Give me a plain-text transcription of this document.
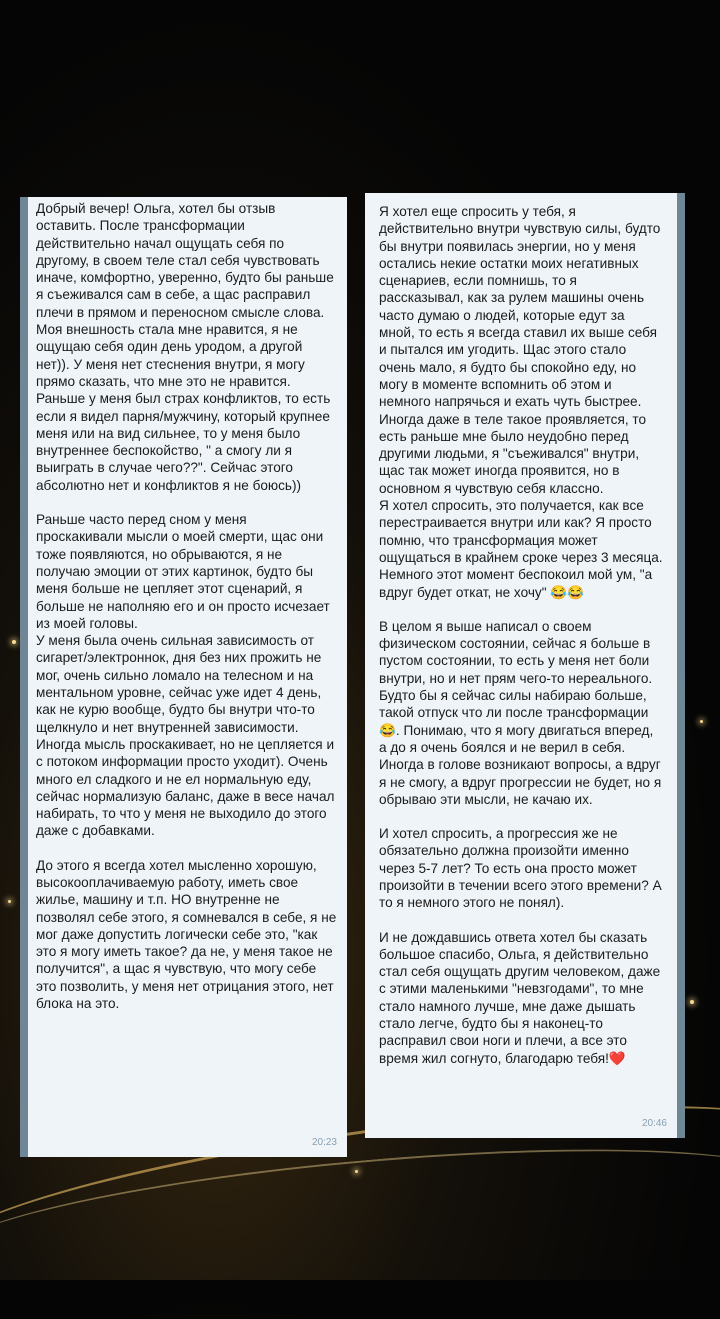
Добрый вечер! Ольга, хотел бы отзыв оставить. После трансформации действительно начал ощущать себя по другому, в своем теле стал себя чувствовать иначе, комфортно, уверенно, будто бы раньше я съеживался сам в себе, а щас расправил плечи в прямом и переносном смысле слова. Моя внешность стала мне нравится, я не ощущаю себя один день уродом, а другой нет)). У меня нет стеснения внутри, я могу прямо сказать, что мне это не нравится. Раньше у меня был страх конфликтов, то есть если я видел парня/мужчину, который крупнее меня или на вид сильнее, то у меня было внутреннее беспокойство, " а смогу ли я выиграть в случае чего??". Сейчас этого абсолютно нет и конфликтов я не боюсь))

Раньше часто перед сном у меня проскакивали мысли о моей смерти, щас они тоже появляются, но обрываются, я не получаю эмоции от этих картинок, будто бы меня больше не цепляет этот сценарий, я больше не наполняю его и он просто исчезает из моей головы.
У меня была очень сильная зависимость от сигарет/электроннок, дня без них прожить не мог, очень сильно ломало на телесном и на ментальном уровне, сейчас уже идет 4 день, как не курю вообще, будто бы внутри что-то щелкнуло и нет внутренней зависимости. Иногда мысль проскакивает, но не цепляется и с потоком информации просто уходит). Очень много ел сладкого и не ел нормальную еду, сейчас нормализую баланс, даже в весе начал набирать, то что у меня не выходило до этого даже с добавками.

До этого я всегда хотел мысленно хорошую, высокооплачиваемую работу, иметь свое жилье, машину и т.п. НО внутренне не позволял себе этого, я сомневался в себе, я не мог даже допустить логически себе это, "как это я могу иметь такое? да не, у меня такое не получится", а щас я чувствую, что могу себе это позволить, у меня нет отрицания этого, нет блока на это.

20:23

Я хотел еще спросить у тебя, я действительно внутри чувствую силы, будто бы внутри появилась энергии, но у меня остались некие остатки моих негативных сценариев, если помнишь, то я рассказывал, как за рулем машины очень часто думаю о людей, которые едут за мной, то есть я всегда ставил их выше себя и пытался им угодить. Щас этого стало очень мало, я будто бы спокойно еду, но могу в моменте вспомнить об этом и немного напрячься и ехать чуть быстрее. Иногда даже в теле такое проявляется, то есть раньше мне было неудобно перед другими людьми, я "съеживался" внутри, щас так может иногда проявится, но в основном я чувствую себя классно.
Я хотел спросить, это получается, как все перестраивается внутри или как? Я просто помню, что трансформация может ощущаться в крайнем сроке через 3 месяца. Немного этот момент беспокоил мой ум, "а вдруг будет откат, не хочу" 😂😂

В целом я выше написал о своем физическом состоянии, сейчас я больше в пустом состоянии, то есть у меня нет боли внутри, но и нет прям чего-то нереального. Будто бы я сейчас силы набираю больше, такой отпуск что ли после трансформации😂. Понимаю, что я могу двигаться вперед, а до я очень боялся и не верил в себя. Иногда в голове возникают вопросы, а вдруг я не смогу, а вдруг прогрессии не будет, но я обрываю эти мысли, не качаю их.

И хотел спросить, а прогрессия же не обязательно должна произойти именно через 5-7 лет? То есть она просто может произойти в течении всего этого времени? А то я немного этого не понял).

И не дождавшись ответа хотел бы сказать большое спасибо, Ольга, я действительно стал себя ощущать другим человеком, даже с этими маленькими "невзгодами", то мне стало намного лучше, мне даже дышать стало легче, будто бы я наконец-то расправил свои ноги и плечи, а все это время жил согнуто, благодарю тебя!❤️

20:46
